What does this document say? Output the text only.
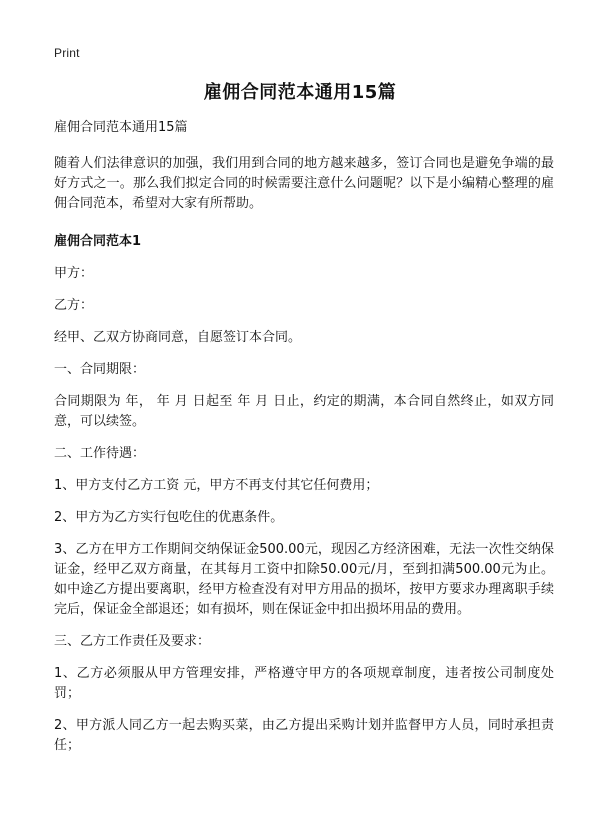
Print
雇佣合同范本通用15篇

雇佣合同范本通用15篇

随着人们法律意识的加强，我们用到合同的地方越来越多，签订合同也是避免争端的最好方式之一。那么我们拟定合同的时候需要注意什么问题呢？以下是小编精心整理的雇佣合同范本，希望对大家有所帮助。

雇佣合同范本1

甲方：

乙方：

经甲、乙双方协商同意，自愿签订本合同。

一、合同期限：

合同期限为 年， 年 月 日起至 年 月 日止，约定的期满，本合同自然终止，如双方同意，可以续签。

二、工作待遇：

1、甲方支付乙方工资 元，甲方不再支付其它任何费用；

2、甲方为乙方实行包吃住的优惠条件。

3、乙方在甲方工作期间交纳保证金500.00元，现因乙方经济困难，无法一次性交纳保证金，经甲乙双方商量，在其每月工资中扣除50.00元/月，至到扣满500.00元为止。如中途乙方提出要离职，经甲方检查没有对甲方用品的损坏，按甲方要求办理离职手续完后，保证金全部退还；如有损坏，则在保证金中扣出损坏用品的费用。

三、乙方工作责任及要求：

1、乙方必须服从甲方管理安排，严格遵守甲方的各项规章制度，违者按公司制度处罚；

2、甲方派人同乙方一起去购买菜，由乙方提出采购计划并监督甲方人员，同时承担责任；
